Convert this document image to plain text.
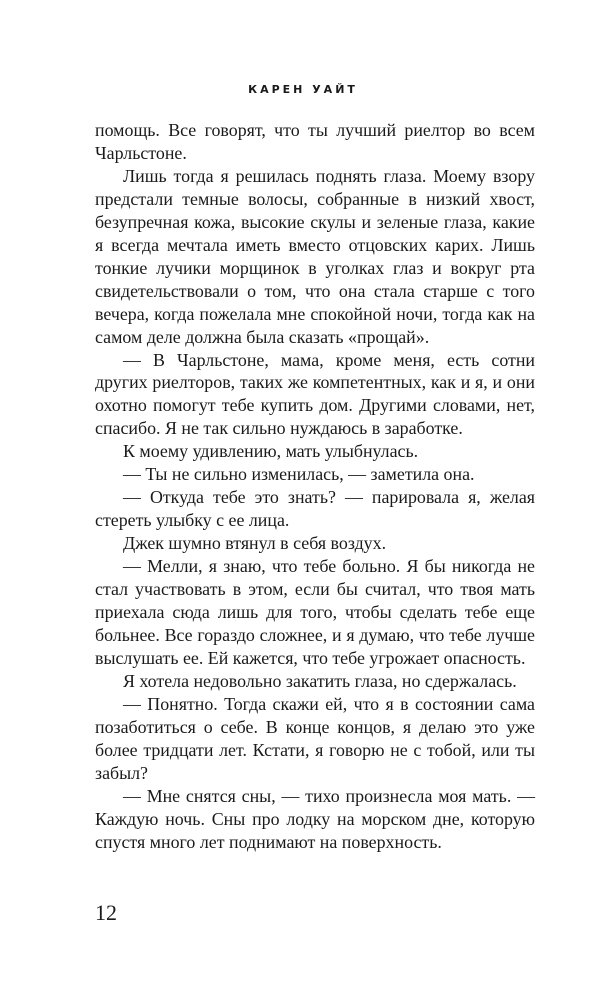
КАРЕН УАЙТ

помощь. Все говорят, что ты лучший риелтор во всем Чарльстоне.

Лишь тогда я решилась поднять глаза. Моему взору предстали темные волосы, собранные в низкий хвост, безупречная кожа, высокие скулы и зеленые глаза, какие я всегда мечтала иметь вместо отцовских карих. Лишь тонкие лучики морщинок в уголках глаз и вокруг рта свидетельствовали о том, что она стала старше с того вечера, когда пожелала мне спокойной ночи, тогда как на самом деле должна была сказать «прощай».

— В Чарльстоне, мама, кроме меня, есть сотни других риелторов, таких же компетентных, как и я, и они охотно помогут тебе купить дом. Другими словами, нет, спасибо. Я не так сильно нуждаюсь в заработке.

К моему удивлению, мать улыбнулась.

— Ты не сильно изменилась, — заметила она.

— Откуда тебе это знать? — парировала я, желая стереть улыбку с ее лица.

Джек шумно втянул в себя воздух.

— Мелли, я знаю, что тебе больно. Я бы никогда не стал участвовать в этом, если бы считал, что твоя мать приехала сюда лишь для того, чтобы сделать тебе еще больнее. Все гораздо сложнее, и я думаю, что тебе лучше выслушать ее. Ей кажется, что тебе угрожает опасность.

Я хотела недовольно закатить глаза, но сдержалась.

— Понятно. Тогда скажи ей, что я в состоянии сама позаботиться о себе. В конце концов, я делаю это уже более тридцати лет. Кстати, я говорю не с тобой, или ты забыл?

— Мне снятся сны, — тихо произнесла моя мать. — Каждую ночь. Сны про лодку на морском дне, которую спустя много лет поднимают на поверхность.

12
